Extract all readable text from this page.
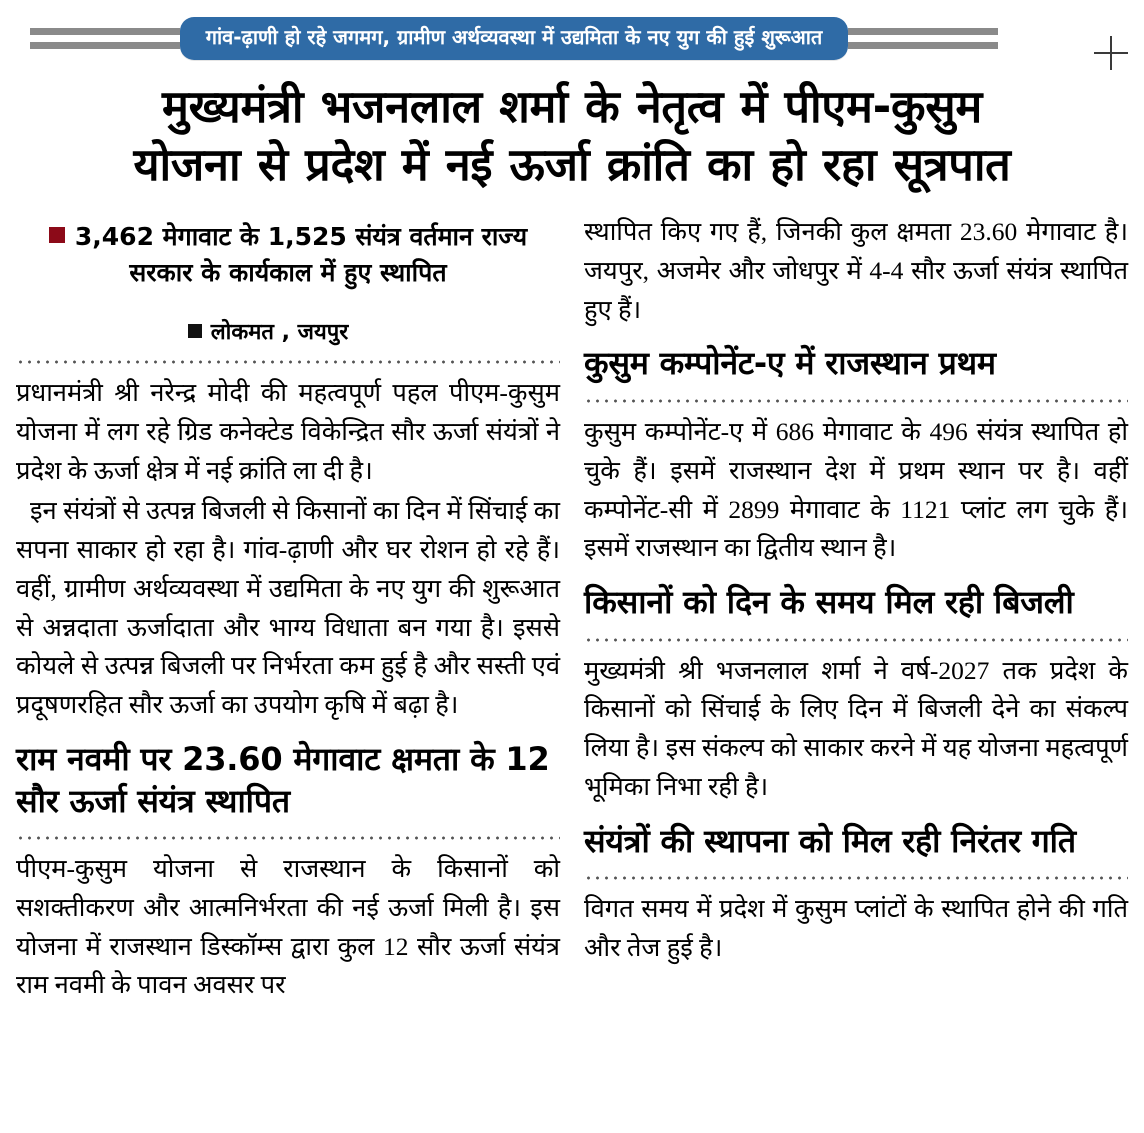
गांव-ढ़ाणी हो रहे जगमग, ग्रामीण अर्थव्यवस्था में उद्यमिता के नए युग की हुई शुरूआत
मुख्यमंत्री भजनलाल शर्मा के नेतृत्व में पीएम-कुसुम
योजना से प्रदेश में नई ऊर्जा क्रांति का हो रहा सूत्रपात
3,462 मेगावाट के 1,525 संयंत्र वर्तमान राज्य सरकार के कार्यकाल में हुए स्थापित
लोकमत , जयपुर

प्रधानमंत्री श्री नरेन्द्र मोदी की महत्वपूर्ण पहल पीएम-कुसुम योजना में लग रहे ग्रिड कनेक्टेड विकेन्द्रित सौर ऊर्जा संयंत्रों ने प्रदेश के ऊर्जा क्षेत्र में नई क्रांति ला दी है।

इन संयंत्रों से उत्पन्न बिजली से किसानों का दिन में सिंचाई का सपना साकार हो रहा है। गांव-ढ़ाणी और घर रोशन हो रहे हैं। वहीं, ग्रामीण अर्थव्यवस्था में उद्यमिता के नए युग की शुरूआत से अन्नदाता ऊर्जादाता और भाग्य विधाता बन गया है। इससे कोयले से उत्पन्न बिजली पर निर्भरता कम हुई है और सस्ती एवं प्रदूषणरहित सौर ऊर्जा का उपयोग कृषि में बढ़ा है।

राम नवमी पर 23.60 मेगावाट क्षमता के 12 सौर ऊर्जा संयंत्र स्थापित

पीएम-कुसुम योजना से राजस्थान के किसानों को सशक्तीकरण और आत्मनिर्भरता की नई ऊर्जा मिली है। इस योजना में राजस्थान डिस्कॉम्स द्वारा कुल 12 सौर ऊर्जा संयंत्र राम नवमी के पावन अवसर पर

स्थापित किए गए हैं, जिनकी कुल क्षमता 23.60 मेगावाट है। जयपुर, अजमेर और जोधपुर में 4-4 सौर ऊर्जा संयंत्र स्थापित हुए हैं।

कुसुम कम्पोनेंट-ए में राजस्थान प्रथम

कुसुम कम्पोनेंट-ए में 686 मेगावाट के 496 संयंत्र स्थापित हो चुके हैं। इसमें राजस्थान देश में प्रथम स्थान पर है। वहीं कम्पोनेंट-सी में 2899 मेगावाट के 1121 प्लांट लग चुके हैं। इसमें राजस्थान का द्वितीय स्थान है।

किसानों को दिन के समय मिल रही बिजली

मुख्यमंत्री श्री भजनलाल शर्मा ने वर्ष-2027 तक प्रदेश के किसानों को सिंचाई के लिए दिन में बिजली देने का संकल्प लिया है। इस संकल्प को साकार करने में यह योजना महत्वपूर्ण भूमिका निभा रही है।

संयंत्रों की स्थापना को मिल रही निरंतर गति

विगत समय में प्रदेश में कुसुम प्लांटों के स्थापित होने की गति और तेज हुई है।
